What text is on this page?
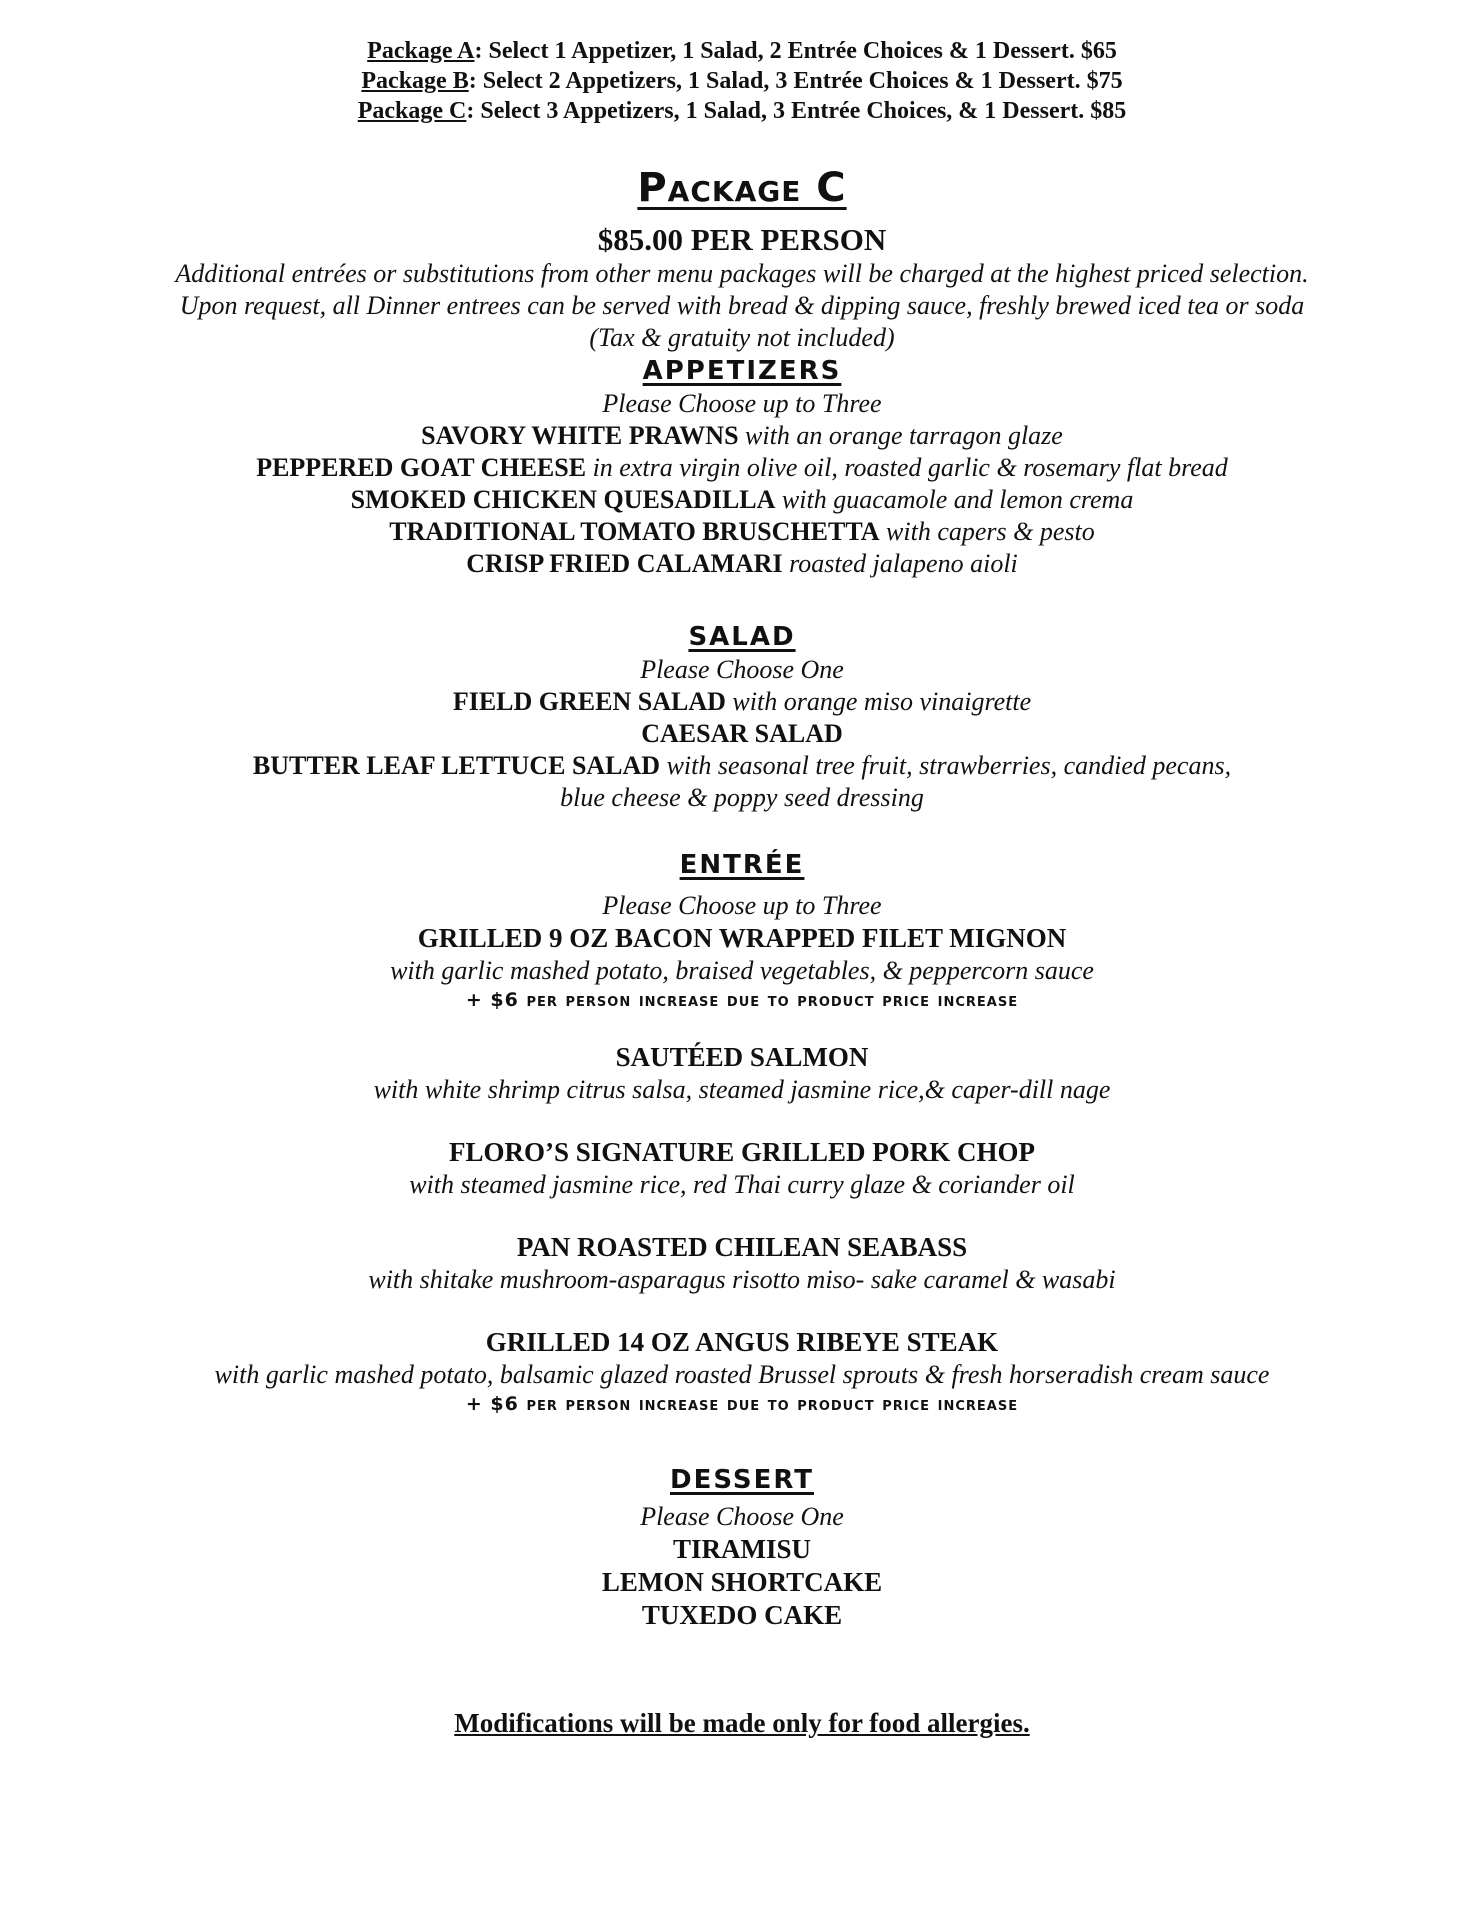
Package A: Select 1 Appetizer, 1 Salad, 2 Entrée Choices & 1 Dessert. $65
Package B: Select 2 Appetizers, 1 Salad, 3 Entrée Choices & 1 Dessert. $75
Package C: Select 3 Appetizers, 1 Salad, 3 Entrée Choices, & 1 Dessert. $85
Package C
$85.00 PER PERSON
Additional entrées or substitutions from other menu packages will be charged at the highest priced selection.
Upon request, all Dinner entrees can be served with bread & dipping sauce, freshly brewed iced tea or soda
(Tax & gratuity not included)
APPETIZERS
Please Choose up to Three
SAVORY WHITE PRAWNS with an orange tarragon glaze
PEPPERED GOAT CHEESE in extra virgin olive oil, roasted garlic & rosemary flat bread
SMOKED CHICKEN QUESADILLA with guacamole and lemon crema
TRADITIONAL TOMATO BRUSCHETTA with capers & pesto
CRISP FRIED CALAMARI roasted jalapeno aioli
SALAD
Please Choose One
FIELD GREEN SALAD with orange miso vinaigrette
CAESAR SALAD
BUTTER LEAF LETTUCE SALAD with seasonal tree fruit, strawberries, candied pecans,
blue cheese & poppy seed dressing
ENTRÉE
Please Choose up to Three
GRILLED 9 OZ BACON WRAPPED FILET MIGNON
with garlic mashed potato, braised vegetables, & peppercorn sauce
+ $6 per person increase due to product price increase
SAUTÉED SALMON
with white shrimp citrus salsa, steamed jasmine rice,& caper-dill nage
FLORO’S SIGNATURE GRILLED PORK CHOP
with steamed jasmine rice, red Thai curry glaze & coriander oil
PAN ROASTED CHILEAN SEABASS
with shitake mushroom-asparagus risotto miso- sake caramel & wasabi
GRILLED 14 OZ ANGUS RIBEYE STEAK
with garlic mashed potato, balsamic glazed roasted Brussel sprouts & fresh horseradish cream sauce
+ $6 per person increase due to product price increase
DESSERT
Please Choose One
TIRAMISU
LEMON SHORTCAKE
TUXEDO CAKE
Modifications will be made only for food allergies.
